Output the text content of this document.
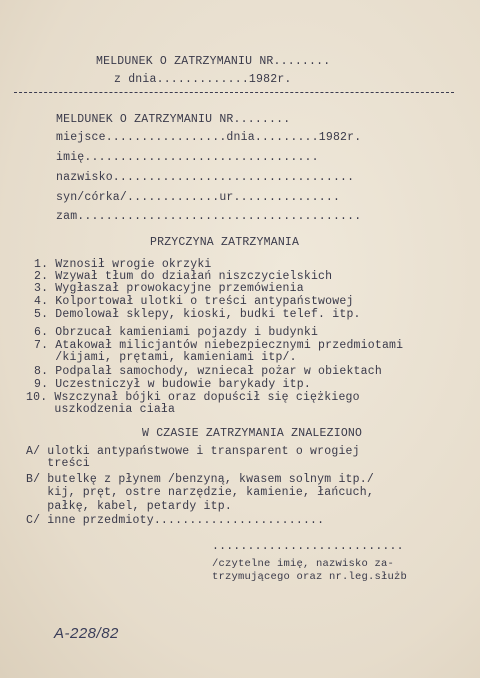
MELDUNEK O ZATRZYMANIU NR........
z dnia.............1982r.
MELDUNEK O ZATRZYMANIU NR........
miejsce.................dnia.........1982r.
imię.................................
nazwisko..................................
syn/córka/.............ur...............
zam........................................
PRZYCZYNA ZATRZYMANIA
1. Wznosił wrogie okrzyki
2. Wzywał tłum do działań niszczycielskich
3. Wygłaszał prowokacyjne przemówienia
4. Kolportował ulotki o treści antypaństwowej
5. Demolował sklepy, kioski, budki telef. itp.
6. Obrzucał kamieniami pojazdy i budynki
7. Atakował milicjantów niebezpiecznymi przedmiotami
/kijami, prętami, kamieniami itp/.
8. Podpalał samochody, wzniecał pożar w obiektach
9. Uczestniczył w budowie barykady itp.
10. Wszczynał bójki oraz dopuścił się ciężkiego
uszkodzenia ciała
W CZASIE ZATRZYMANIA ZNALEZIONO
A/ ulotki antypaństwowe i transparent o wrogiej
treści
B/ butelkę z płynem /benzyną, kwasem solnym itp./
kij, pręt, ostre narzędzie, kamienie, łańcuch,
pałkę, kabel, petardy itp.
C/ inne przedmioty........................
...........................
/czytelne imię, nazwisko za-
trzymującego oraz nr.leg.służb
A-228/82
